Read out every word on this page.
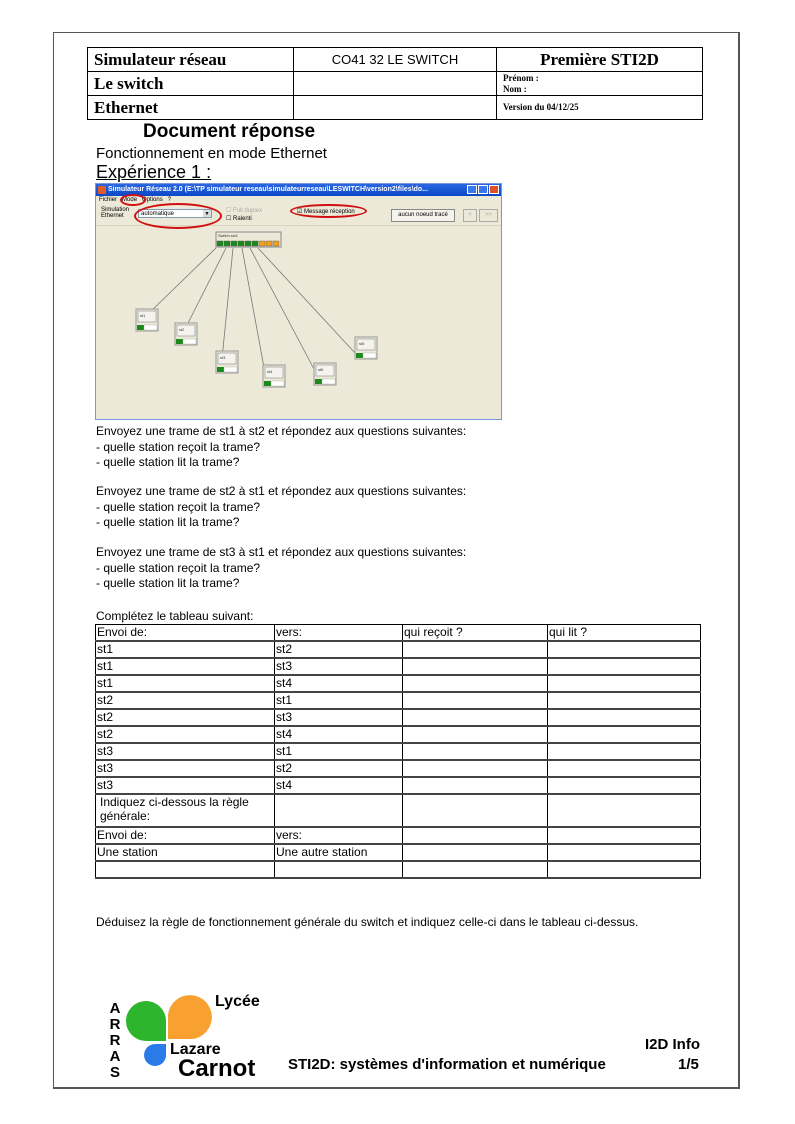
Simulateur réseau	CO41 32 LE SWITCH	Première STI2D
Le switch		Prénom :
Nom :

Ethernet		Version du 04/12/25
Document réponse
Fonctionnement en mode Ethernet
Expérience 1 :
Simulateur Réseau 2.0 (E:\TP simulateur reseau\simulateurreseau\LESWITCH\version2\files\do...
Fichier Mode Options ?
Simulation
Ethernet	automatique	▼	☐ Full duplex
☐ Ralenti
☑ Message réception	aucun noeud tracé	<	>>
Switch.sw1
st1
st2
st3
st4	st6
st5
Envoyez une trame de st1 à st2 et répondez aux questions suivantes:
- quelle station reçoit la trame?
- quelle station lit la trame?
Envoyez une trame de st2 à st1 et répondez aux questions suivantes:
- quelle station reçoit la trame?
- quelle station lit la trame?
Envoyez une trame de st3 à st1 et répondez aux questions suivantes:
- quelle station reçoit la trame?
- quelle station lit la trame?
Complétez le tableau suivant:
Envoi de:	vers:	qui reçoit ?	qui lit ?
st1	st2		
st1	st3		
st1	st4		
st2	st1		
st2	st3		
st2	st4		
st3	st1		
st3	st2		
st3	st4		
Indiquez ci-dessous la règle générale:			
Envoi de:	vers:		
Une station	Une autre station		

Déduisez la règle de fonctionnement générale du switch et indiquez celle-ci dans le tableau ci-dessus.
A
R
R
A
S
Lycée
Lazare
Carnot
I2D Info
STI2D: systèmes d'information et numérique	1/5
